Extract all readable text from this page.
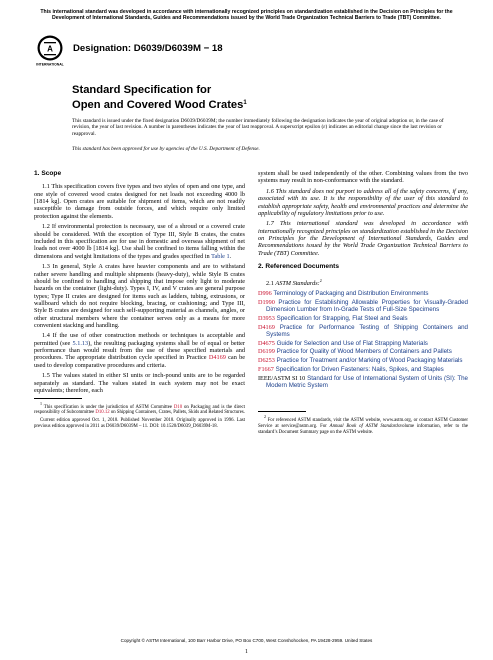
This international standard was developed in accordance with internationally recognized principles on standardization established in the Decision on Principles for the Development of International Standards, Guides and Recommendations issued by the World Trade Organization Technical Barriers to Trade (TBT) Committee.
A
INTERNATIONAL
Designation: D6039/D6039M − 18
Standard Specification for
Open and Covered Wood Crates$^1$
This standard is issued under the fixed designation D6039/D6039M; the number immediately following the designation indicates the year of original adoption or, in the case of revision, the year of last revision. A number in parentheses indicates the year of last reapproval. A superscript epsilon (ε) indicates an editorial change since the last revision or reapproval.
This standard has been approved for use by agencies of the U.S. Department of Defense.
1. Scope

1.1 This specification covers five types and two styles of open and one type, and one style of covered wood crates designed for net loads not exceeding 4000 lb [1814 kg]. Open crates are suitable for shipment of items, which are not readily susceptible to damage from outside forces, and which require only limited protection against the elements.

1.2 If environmental protection is necessary, use of a shroud or a covered crate should be considered. With the exception of Type III, Style B crates, the crates included in this specification are for use in domestic and overseas shipment of net loads not over 4000 lb [1814 kg]. Use shall be confined to items falling within the dimensions and weight limitations of the types and grades specified in Table 1.

1.3 In general, Style A crates have heavier components and are to withstand rather severe handling and multiple shipments (heavy-duty), while Style B crates should be confined to handling and shipping that impose only light to moderate hazards on the container (light-duty). Types I, IV, and V crates are general purpose types; Type II crates are designed for items such as ladders, tubing, extrusions, or wallboard which do not require blocking, bracing, or cushioning; and Type III, Style B crates are designed for such self-supporting material as channels, angles, or other structural members where the container serves only as a means for more convenient stacking and handling.

1.4 If the use of other construction methods or techniques is acceptable and permitted (see 5.1.13), the resulting packaging systems shall be of equal or better performance than would result from the use of these specified materials and procedures. The appropriate distribution cycle specified in Practice D4169 can be used to develop comparative procedures and criteria.

1.5 The values stated in either SI units or inch-pound units are to be regarded separately as standard. The values stated in each system may not be exact equivalents; therefore, each

$^1$ This specification is under the jurisdiction of ASTM Committee D10 on Packaging and is the direct responsibility of Subcommittee D10.12 on Shipping Containers, Crates, Pallets, Skids and Related Structures.

Current edition approved Oct. 1, 2018. Published November 2018. Originally approved in 1996. Last previous edition approved in 2011 as D6039/D6039M – 11. DOI: 10.1520/D6039_D6039M-18.

system shall be used independently of the other. Combining values from the two systems may result in non-conformance with the standard.

1.6 This standard does not purport to address all of the safety concerns, if any, associated with its use. It is the responsibility of the user of this standard to establish appropriate safety, health and environmental practices and determine the applicability of regulatory limitations prior to use.

1.7 This international standard was developed in accordance with internationally recognized principles on standardization established in the Decision on Principles for the Development of International Standards, Guides and Recommendations issued by the World Trade Organization Technical Barriers to Trade (TBT) Committee.

2. Referenced Documents

2.1 ASTM Standards:$^2$

D996 Terminology of Packaging and Distribution Environments
D1990 Practice for Establishing Allowable Properties for Visually-Graded Dimension Lumber from In-Grade Tests of Full-Size Specimens
D3953 Specification for Strapping, Flat Steel and Seals
D4169 Practice for Performance Testing of Shipping Containers and Systems
D4675 Guide for Selection and Use of Flat Strapping Materials
D6199 Practice for Quality of Wood Members of Containers and Pallets
D6253 Practice for Treatment and/or Marking of Wood Packaging Materials
F1667 Specification for Driven Fasteners: Nails, Spikes, and Staples
IEEE/ASTM SI 10 Standard for Use of International System of Units (SI): The Modern Metric System

$^2$ For referenced ASTM standards, visit the ASTM website, www.astm.org, or contact ASTM Customer Service at service@astm.org. For Annual Book of ASTM Standardsvolume information, refer to the standard’s Document Summary page on the ASTM website.

Copyright © ASTM International, 100 Barr Harbor Drive, PO Box C700, West Conshohocken, PA 19428-2959. United States
1
